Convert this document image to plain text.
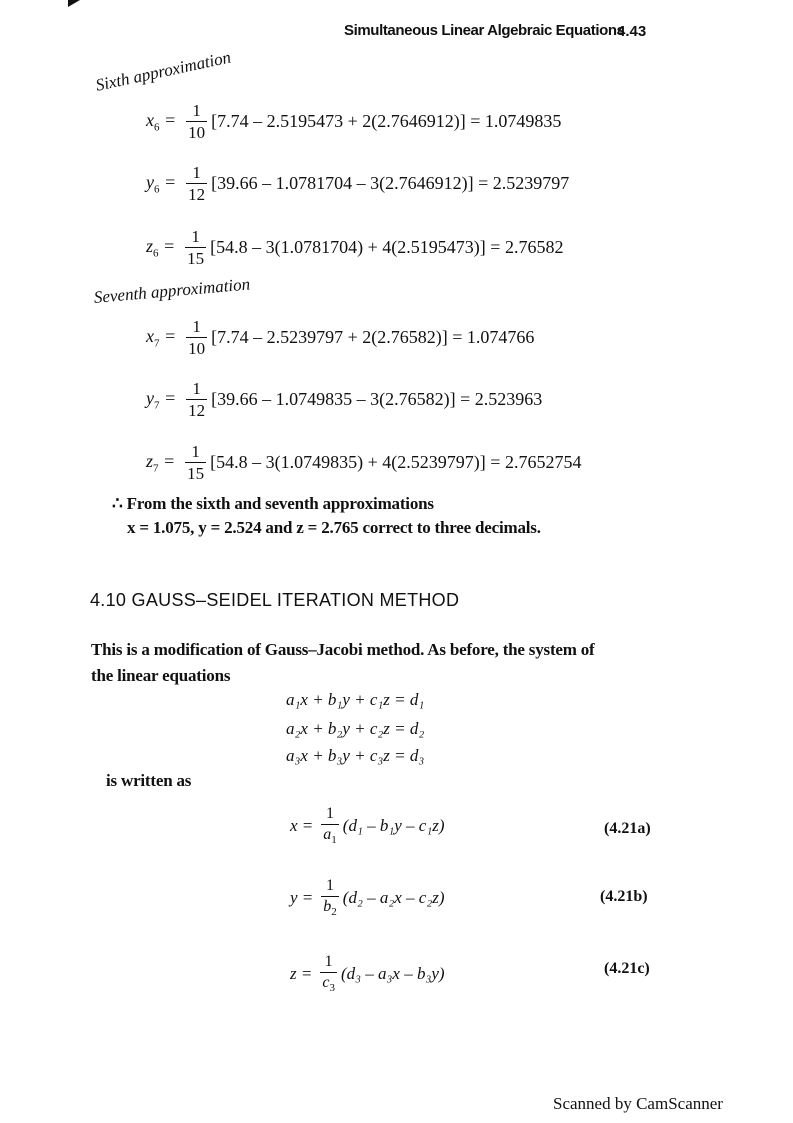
Simultaneous Linear Algebraic Equations
4.43
Sixth approximation
$x_6 = \frac{1}{10} [7.74 - 2.5195473 + 2(2.7646912)] = 1.0749835$
$y_6 = \frac{1}{12} [39.66 - 1.0781704 - 3(2.7646912)] = 2.5239797$
$z_6 = \frac{1}{15} [54.8 - 3(1.0781704) + 4(2.5195473)] = 2.76582$
Seventh approximation
$x_7 = \frac{1}{10} [7.74 - 2.5239797 + 2(2.76582)] = 1.074766$
$y_7 = \frac{1}{12} [39.66 - 1.0749835 - 3(2.76582)] = 2.523963$
$z_7 = \frac{1}{15} [54.8 - 3(1.0749835) + 4(2.5239797)] = 2.7652754$
∴ From the sixth and seventh approximations
x = 1.075, y = 2.524 and z = 2.765 correct to three decimals.
4.10 GAUSS–SEIDEL ITERATION METHOD
This is a modification of Gauss–Jacobi method. As before, the system of
the linear equations
a₁x + b₁y + c₁z = d₁
a₂x + b₂y + c₂z = d₂
a₃x + b₃y + c₃z = d₃
is written as
$x = \frac{1}{a_1} (d_1 - b_1y - c_1z)$	(4.21a)
$y = \frac{1}{b_2} (d_2 - a_2x - c_2z)$	(4.21b)
$z = \frac{1}{c_3} (d_3 - a_3x - b_3y)$	(4.21c)
Scanned by CamScanner
